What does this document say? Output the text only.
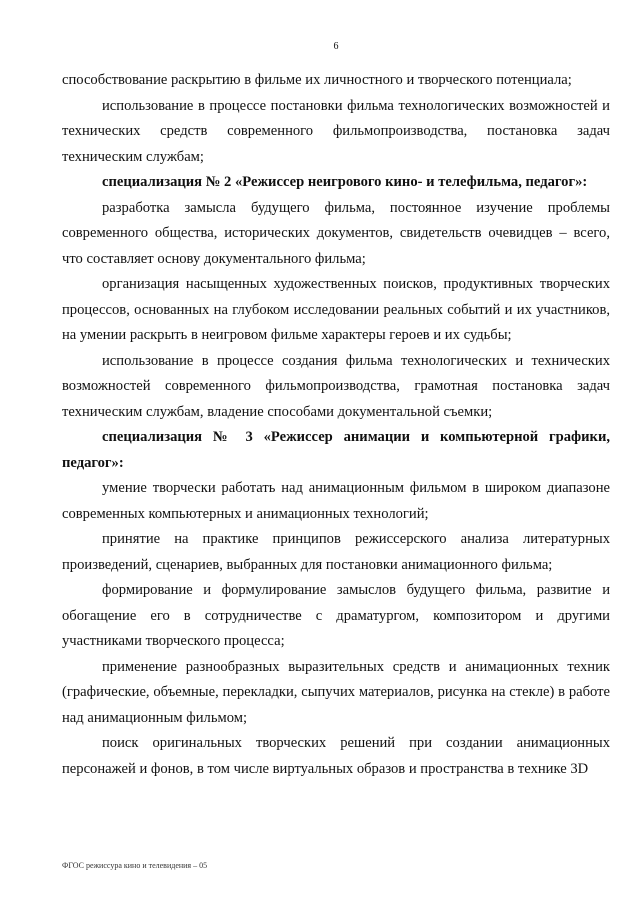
6

способствование раскрытию в фильме их личностного и творческого потенциала;

использование в процессе постановки фильма технологических возможностей и технических средств современного фильмопроизводства, постановка задач техническим службам;

специализация № 2 «Режиссер неигрового кино- и телефильма, педагог»:

разработка замысла будущего фильма, постоянное изучение проблемы современного общества, исторических документов, свидетельств очевидцев – всего, что составляет основу документального фильма;

организация насыщенных художественных поисков, продуктивных творческих процессов, основанных на глубоком исследовании реальных событий и их участников, на умении раскрыть в неигровом фильме характеры героев и их судьбы;

использование в процессе создания фильма технологических и технических возможностей современного фильмопроизводства, грамотная постановка задач техническим службам, владение способами документальной съемки;

специализация № 3 «Режиссер анимации и компьютерной графики, педагог»:

умение творчески работать над анимационным фильмом в широком диапазоне современных компьютерных и анимационных технологий;

принятие на практике принципов режиссерского анализа литературных произведений, сценариев, выбранных для постановки анимационного фильма;

формирование и формулирование замыслов будущего фильма, развитие и обогащение его в сотрудничестве с драматургом, композитором и другими участниками творческого процесса;

применение разнообразных выразительных средств и анимационных техник (графические, объемные, перекладки, сыпучих материалов, рисунка на стекле) в работе над анимационным фильмом;

поиск оригинальных творческих решений при создании анимационных персонажей и фонов, в том числе виртуальных образов и пространства в технике 3D

ФГОС режиссура кино и телевидения – 05
